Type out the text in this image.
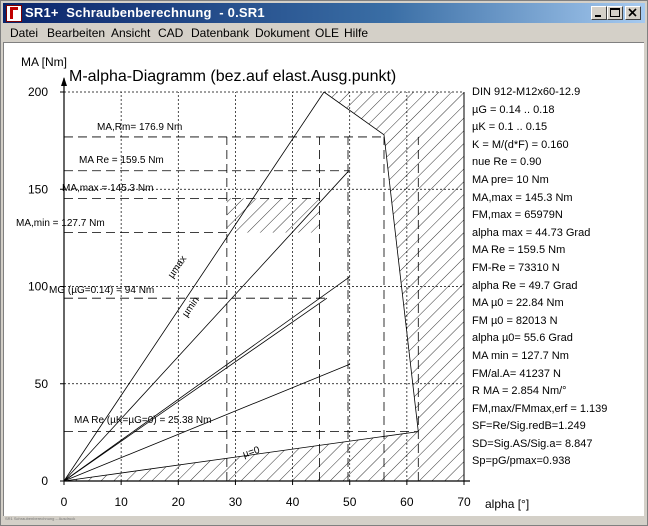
SR1+  Schraubenberechnung  - 0.SR1
Datei Bearbeiten Ansicht CAD Datenbank Dokument OLE Hilfe
0	10	20	30	40	50	60	70
0
50
100
150
200
MA [Nm]
alpha [°]
M-alpha-Diagramm (bez.auf elast.Ausg.punkt)
MA,Rm= 176.9 Nm
MA Re = 159.5 Nm
MA,max = 145.3 Nm
MA,min = 127.7 Nm
MG (µG=0.14) = 94 Nm
MA Re (µK=µG=0) = 25.38 Nm
µmax
µmin
µ=0
DIN 912-M12x60-12.9
µG = 0.14 .. 0.18
µK = 0.1 .. 0.15
K = M/(d*F) = 0.160
nue Re = 0.90
MA pre= 10 Nm
MA,max = 145.3 Nm
FM,max = 65979N
alpha max = 44.73 Grad
MA Re = 159.5 Nm
FM-Re = 73310 N
alpha Re = 49.7 Grad
MA µ0 = 22.84 Nm
FM µ0 = 82013 N
alpha µ0= 55.6 Grad
MA min = 127.7 Nm
FM/al.A= 41237 N
R MA = 2.854 Nm/°
FM,max/FMmax,erf = 1.139
SF=Re/Sig.redB=1.249
SD=Sig.AS/Sig.a= 8.847
Sp=pG/pmax=0.938
SR1 Schraubenberechnung – Ausdruck
